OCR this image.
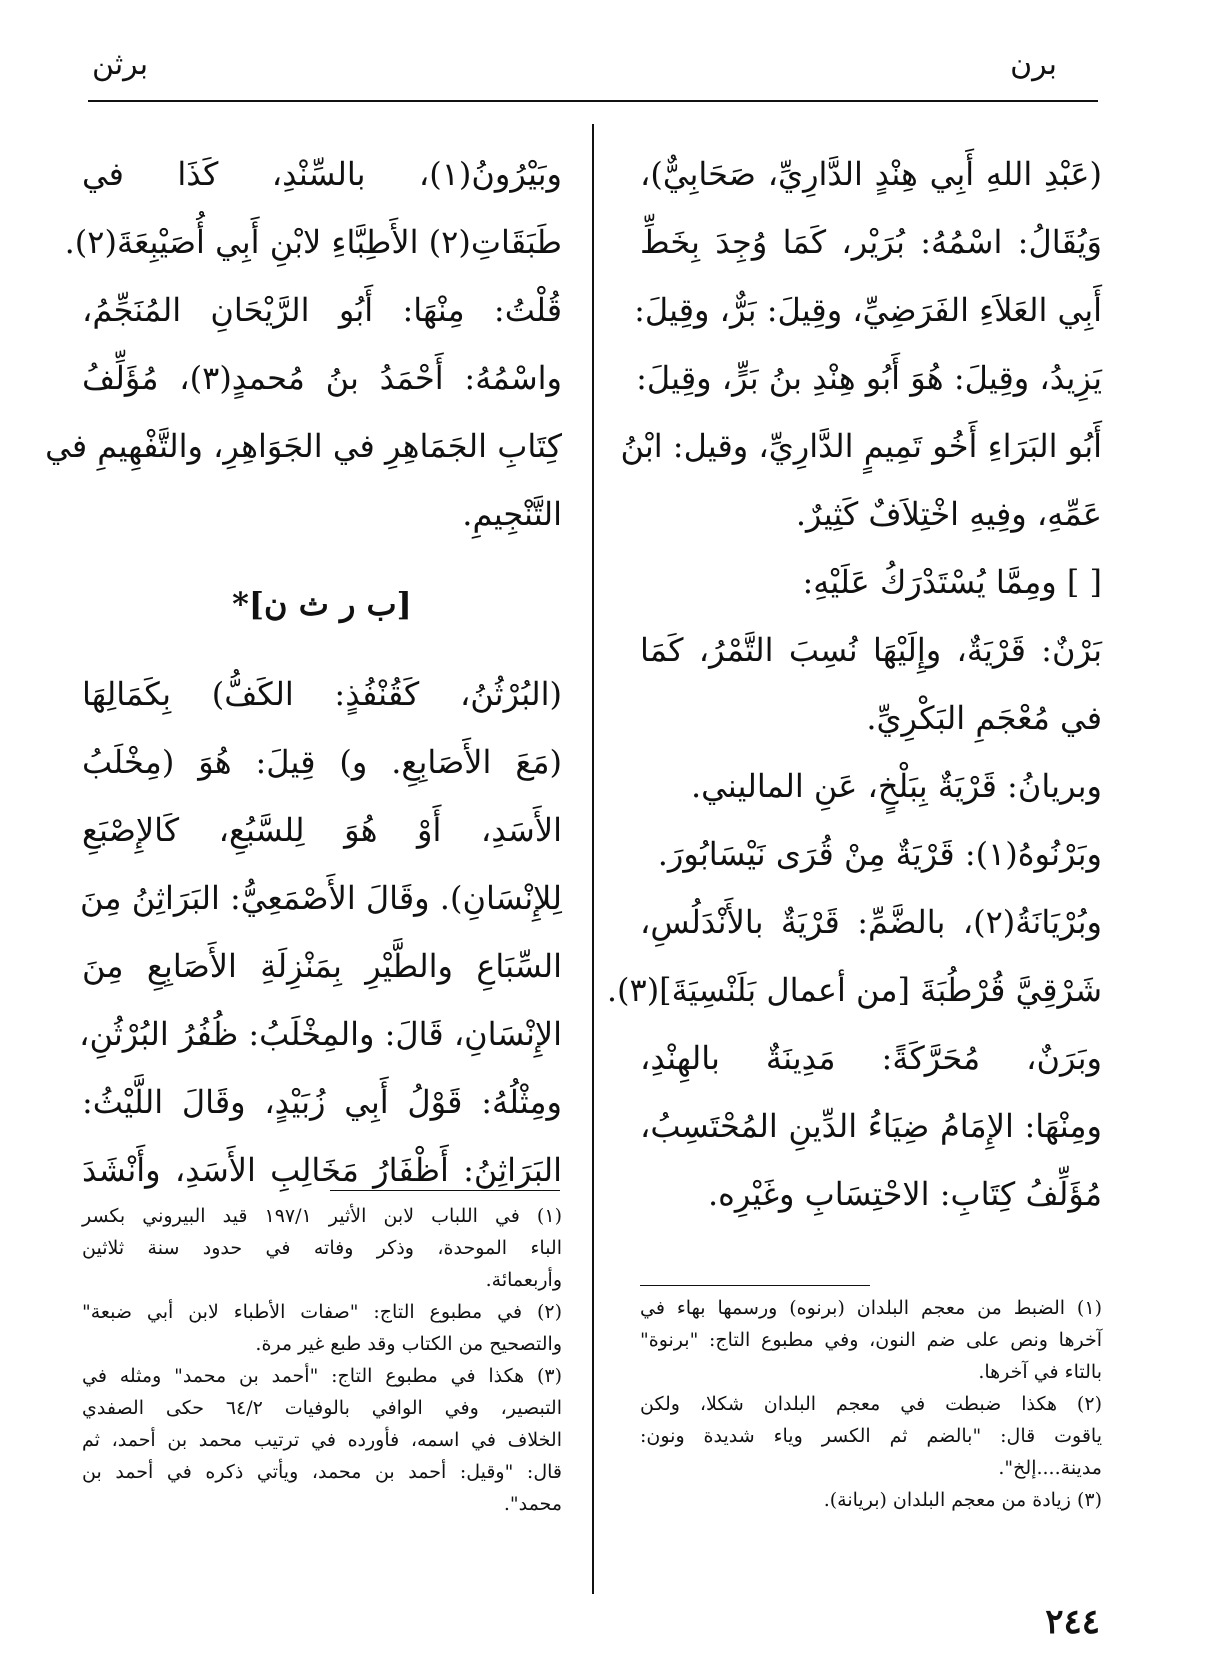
برن
برثن
(عَبْدِ اللهِ أَبِي هِنْدٍ الدَّارِيِّ، صَحَابِيٌّ)،
وَيُقَالُ: اسْمُهُ: بُرَيْر، كَمَا وُجِدَ بِخَطِّ
أَبِي العَلاَءِ الفَرَضِيِّ، وقِيلَ: بَرٌّ، وقِيلَ:
يَزِيدُ، وقِيلَ: هُوَ أَبُو هِنْدِ بنُ بَرٍّ، وقِيلَ:
أَبُو البَرَاءِ أَخُو تَمِيمٍ الدَّارِيِّ، وقيل: ابْنُ
عَمِّهِ، وفِيهِ اخْتِلاَفٌ كَثِيرٌ.
[ ] ومِمَّا يُسْتَدْرَكُ عَلَيْهِ:
بَرْنٌ: قَرْيَةٌ، وإِلَيْهَا نُسِبَ التَّمْرُ، كَمَا
في مُعْجَمِ البَكْرِيِّ.
وبريانُ: قَرْيَةٌ بِبَلْخٍ، عَنِ الماليني.
وبَرْنُوهُ(١): قَرْيَةٌ مِنْ قُرَى نَيْسَابُورَ.
وبُرْيَانَةُ(٢)، بالضَّمِّ: قَرْيَةٌ بالأَنْدَلُسِ،
شَرْقِيَّ قُرْطُبَةَ [من أعمال بَلَنْسِيَةَ](٣).
وبَرَنٌ، مُحَرَّكَةً: مَدِينَةٌ بالهِنْدِ،
ومِنْهَا: الإِمَامُ ضِيَاءُ الدِّينِ المُحْتَسِبُ،
مُؤَلِّفُ كِتَابِ: الاحْتِسَابِ وغَيْرِه.
وبَيْرُونُ(١)، بالسِّنْدِ، كَذَا في
طَبَقَاتِ(٢) الأَطِبَّاءِ لابْنِ أَبِي أُصَيْبِعَةَ(٢).
قُلْتُ: مِنْهَا: أَبُو الرَّيْحَانِ المُنَجِّمُ،
واسْمُهُ: أَحْمَدُ بنُ مُحمدٍ(٣)، مُؤَلِّفُ
كِتَابِ الجَمَاهِرِ في الجَوَاهِرِ، والتَّفْهِيمِ في
التَّنْجِيمِ.
[ب ر ث ن]*
(البُرْثُنُ، كَقُنْفُذٍ: الكَفُّ) بِكَمَالِهَا
(مَعَ الأَصَابِعِ. و) قِيلَ: هُوَ (مِخْلَبُ
الأَسَدِ، أَوْ هُوَ لِلسَّبُعِ، كَالإِصْبَعِ
لِلإِنْسَانِ). وقَالَ الأَصْمَعِيُّ: البَرَاثِنُ مِنَ
السِّبَاعِ والطَّيْرِ بِمَنْزِلَةِ الأَصَابِعِ مِنَ
الإِنْسَانِ، قَالَ: والمِخْلَبُ: ظُفُرُ البُرْثُنِ،
ومِثْلُهُ: قَوْلُ أَبِي زُبَيْدٍ، وقَالَ اللَّيْثُ:
البَرَاثِنُ: أَظْفَارُ مَخَالِبِ الأَسَدِ، وأَنْشَدَ
(١) الضبط من معجم البلدان (برنوه) ورسمها بهاء في
آخرها ونص على ضم النون، وفي مطبوع التاج: "برنوة"
بالتاء في آخرها.
(٢) هكذا ضبطت في معجم البلدان شكلا، ولكن
ياقوت قال: "بالضم ثم الكسر وياء شديدة ونون:
مدينة....إلخ".
(٣) زيادة من معجم البلدان (بريانة).
(١) في اللباب لابن الأثير ١٩٧/١ قيد البيروني بكسر
الباء الموحدة، وذكر وفاته في حدود سنة ثلاثين
وأربعمائة.
(٢) في مطبوع التاج: "صفات الأطباء لابن أبي ضبعة"
والتصحيح من الكتاب وقد طبع غير مرة.
(٣) هكذا في مطبوع التاج: "أحمد بن محمد" ومثله في
التبصير، وفي الوافي بالوفيات ٦٤/٢ حكى الصفدي
الخلاف في اسمه، فأورده في ترتيب محمد بن أحمد، ثم
قال: "وقيل: أحمد بن محمد، ويأتي ذكره في أحمد بن
محمد".
٢٤٤
